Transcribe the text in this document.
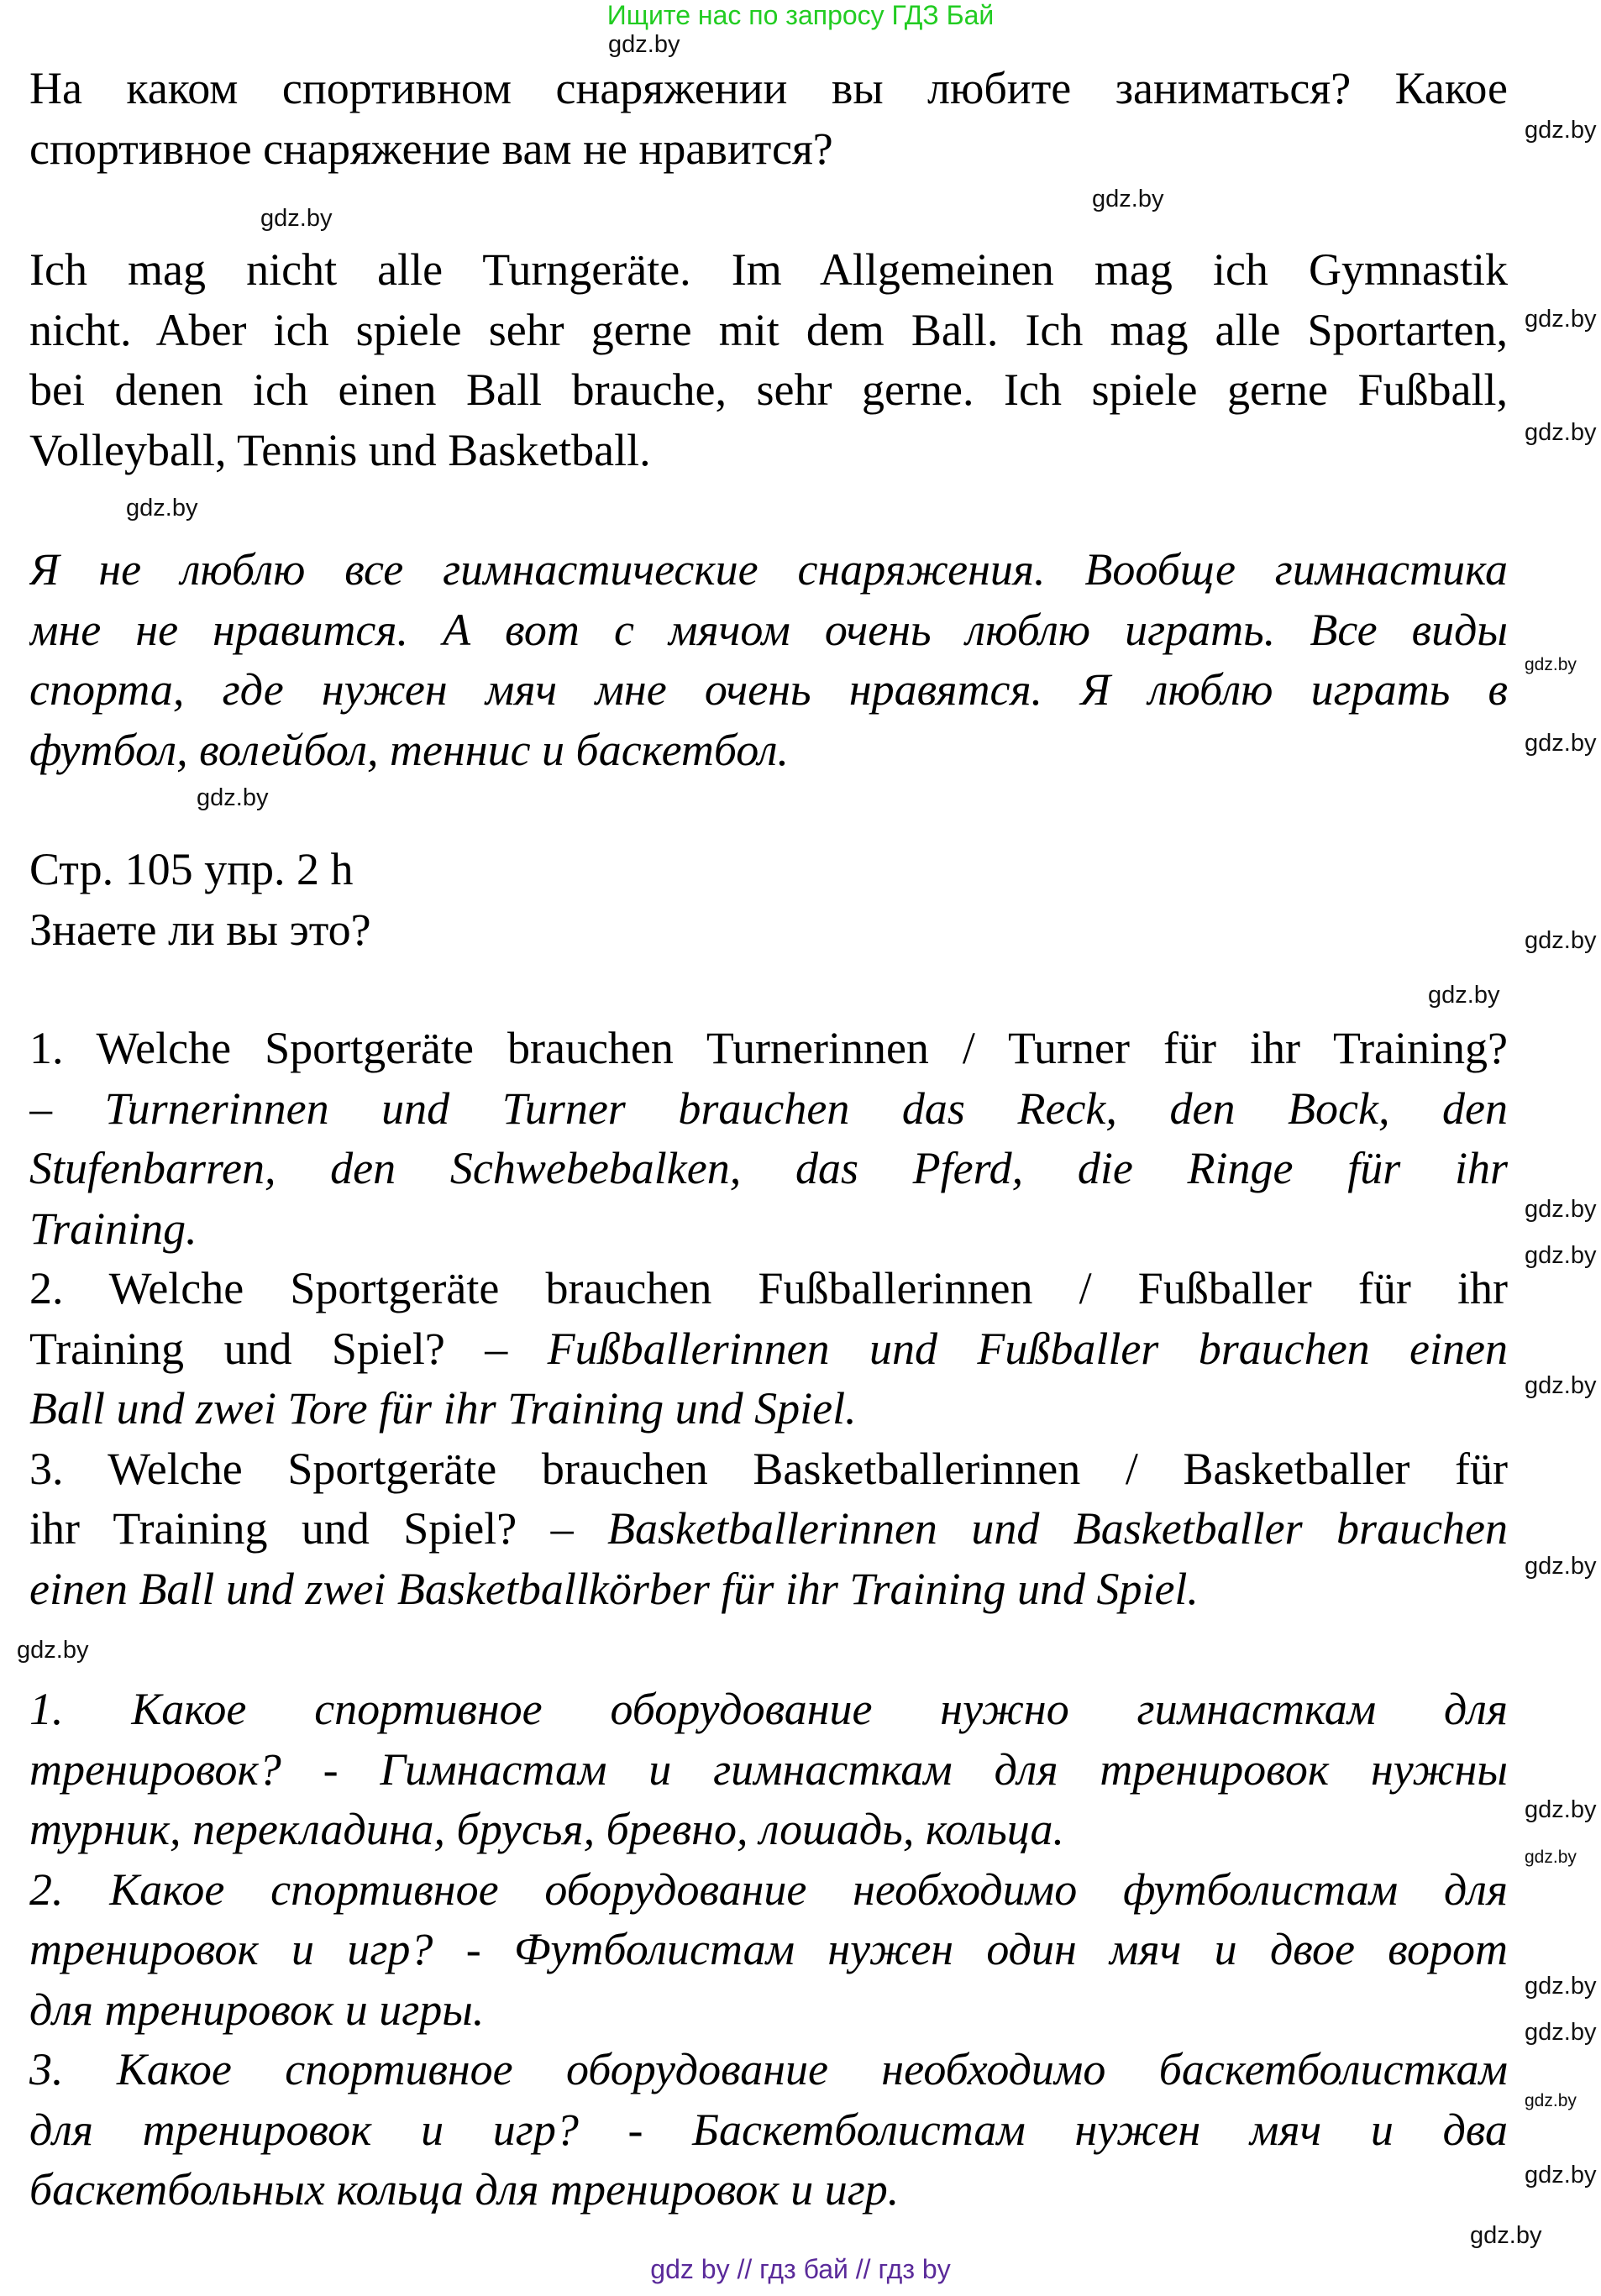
Ищите нас по запросу ГДЗ Бай
На каком спортивном снаряжении вы любите заниматься? Какое
спортивное снаряжение вам не нравится?
Ich mag nicht alle Turngeräte. Im Allgemeinen mag ich Gymnastik
nicht. Aber ich spiele sehr gerne mit dem Ball. Ich mag alle Sportarten,
bei denen ich einen Ball brauche, sehr gerne. Ich spiele gerne Fußball,
Volleyball, Tennis und Basketball.
Я не люблю все гимнастические снаряжения. Вообще гимнастика
мне не нравится. А вот с мячом очень люблю играть. Все виды
спорта, где нужен мяч мне очень нравятся. Я люблю играть в
футбол, волейбол, теннис и баскетбол.
Стр. 105 упр. 2 h
Знаете ли вы это?
1. Welche Sportgeräte brauchen Turnerinnen / Turner für ihr Training?
– Turnerinnen und Turner brauchen das Reck, den Bock, den
Stufenbarren, den Schwebebalken, das Pferd, die Ringe für ihr
Training.
2. Welche Sportgeräte brauchen Fußballerinnen / Fußballer für ihr
Training und Spiel? – Fußballerinnen und Fußballer brauchen einen
Ball und zwei Tore für ihr Training und Spiel.
3. Welche Sportgeräte brauchen Basketballerinnen / Basketballer für
ihr Training und Spiel? – Basketballerinnen und Basketballer brauchen
einen Ball und zwei Basketballkörber für ihr Training und Spiel.
1. Какое спортивное оборудование нужно гимнасткам для
тренировок? - Гимнастам и гимнасткам для тренировок нужны
турник, перекладина, брусья, бревно, лошадь, кольца.
2. Какое спортивное оборудование необходимо футболистам для
тренировок и игр? - Футболистам нужен один мяч и двое ворот
для тренировок и игры.
3. Какое спортивное оборудование необходимо баскетболисткам
для тренировок и игр? - Баскетболистам нужен мяч и два
баскетбольных кольца для тренировок и игр.
gdz.by
gdz.by
gdz.by
gdz.by
gdz.by
gdz.by
gdz.by
gdz.by
gdz.by
gdz.by
gdz.by
gdz.by
gdz.by
gdz.by
gdz.by
gdz.by
gdz.by
gdz.by
gdz.by
gdz.by
gdz.by
gdz.by
gdz.by
gdz.by
gdz by // гдз бай // гдз by
